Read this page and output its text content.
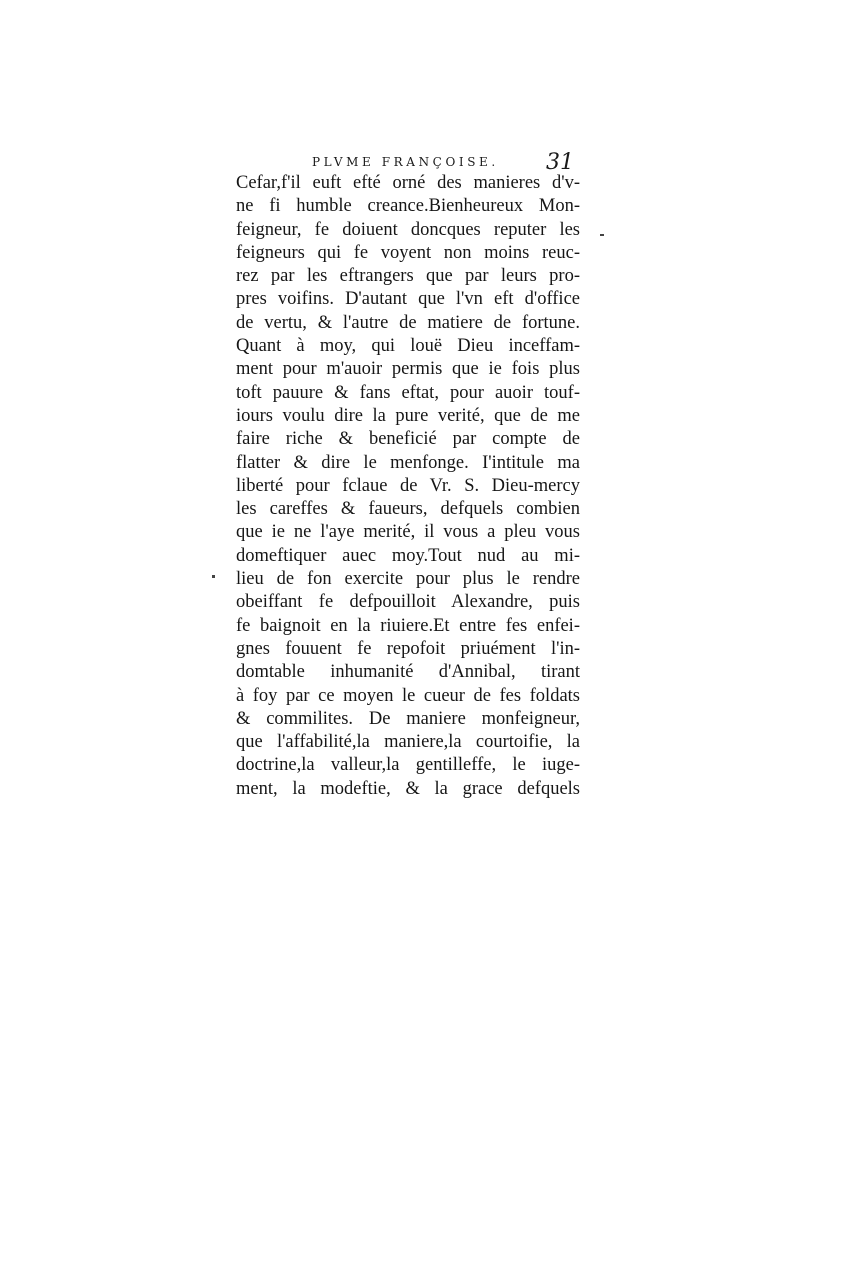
PLVME FRANÇOISE. 31
Cefar,f'il euft efté orné des manieres d'v-
ne fi humble creance.Bienheureux Mon-
feigneur, fe doiuent doncques reputer les
feigneurs qui fe voyent non moins reuc-
rez par les eftrangers que par leurs pro-
pres voifins. D'autant que l'vn eft d'office
de vertu, & l'autre de matiere de fortune.
Quant à moy, qui louë Dieu inceffam-
ment pour m'auoir permis que ie fois plus
toft pauure & fans eftat, pour auoir touf-
iours voulu dire la pure verité, que de me
faire riche & beneficié par compte de
flatter & dire le menfonge. I'intitule ma
liberté pour fclaue de Vr. S. Dieu-mercy
les careffes & faueurs, defquels combien
que ie ne l'aye merité, il vous a pleu vous
domeftiquer auec moy.Tout nud au mi-
lieu de fon exercite pour plus le rendre
obeiffant fe defpouilloit Alexandre, puis
fe baignoit en la riuiere.Et entre fes enfei-
gnes fouuent fe repofoit priuément l'in-
domtable inhumanité d'Annibal, tirant
à foy par ce moyen le cueur de fes foldats
& commilites. De maniere monfeigneur,
que l'affabilité,la maniere,la courtoifie, la
doctrine,la valleur,la gentilleffe, le iuge-
ment, la modeftie, & la grace defquels
